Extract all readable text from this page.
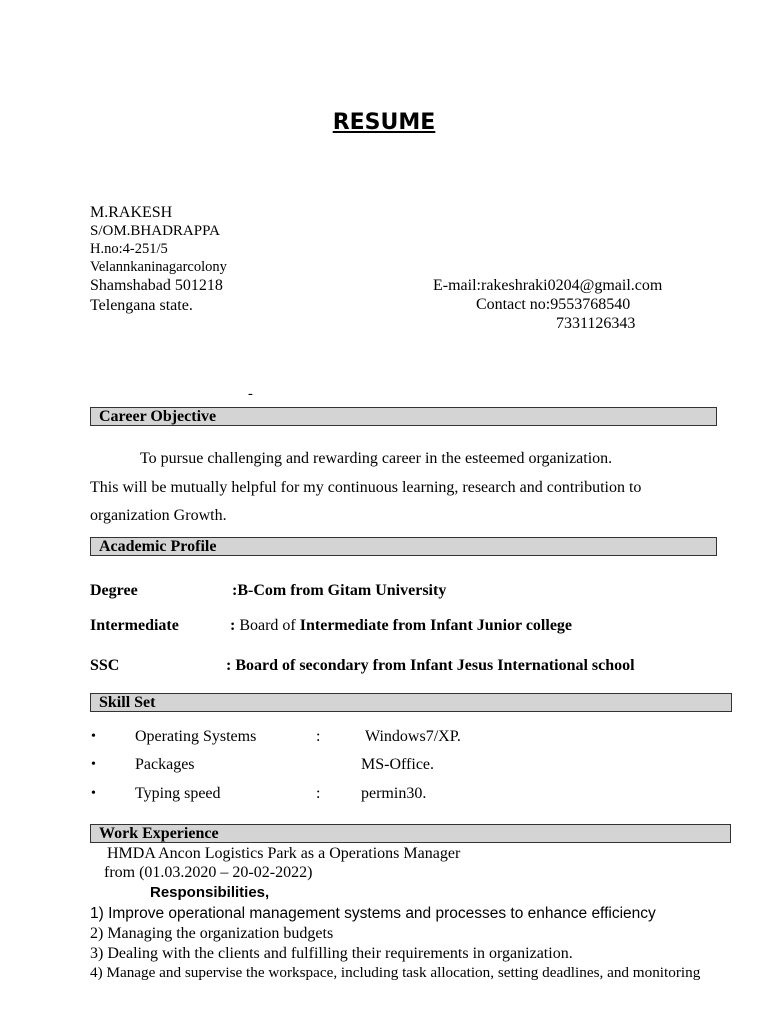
RESUME
M.RAKESH
S/OM.BHADRAPPA
H.no:4-251/5
Velannkaninagarcolony
Shamshabad 501218
Telengana state.
E-mail:rakeshraki0204@gmail.com
Contact no:9553768540
7331126343
-
Career Objective
To pursue challenging and rewarding career in the esteemed organization.
This will be mutually helpful for my continuous learning, research and contribution to
organization Growth.
Academic Profile
Degree	:B-Com from Gitam University
Intermediate	: Board of Intermediate from Infant Junior college
SSC	: Board of secondary from Infant Jesus International school
Skill Set
• Operating Systems	:	Windows7/XP.
• Packages	MS-Office.
• Typing speed	:	permin30.
Work Experience
HMDA Ancon Logistics Park as a Operations Manager
from (01.03.2020 – 20-02-2022)
Responsibilities,
1) Improve operational management systems and processes to enhance efficiency
2) Managing the organization budgets
3) Dealing with the clients and fulfilling their requirements in organization.
4) Manage and supervise the workspace, including task allocation, setting deadlines, and monitoring
